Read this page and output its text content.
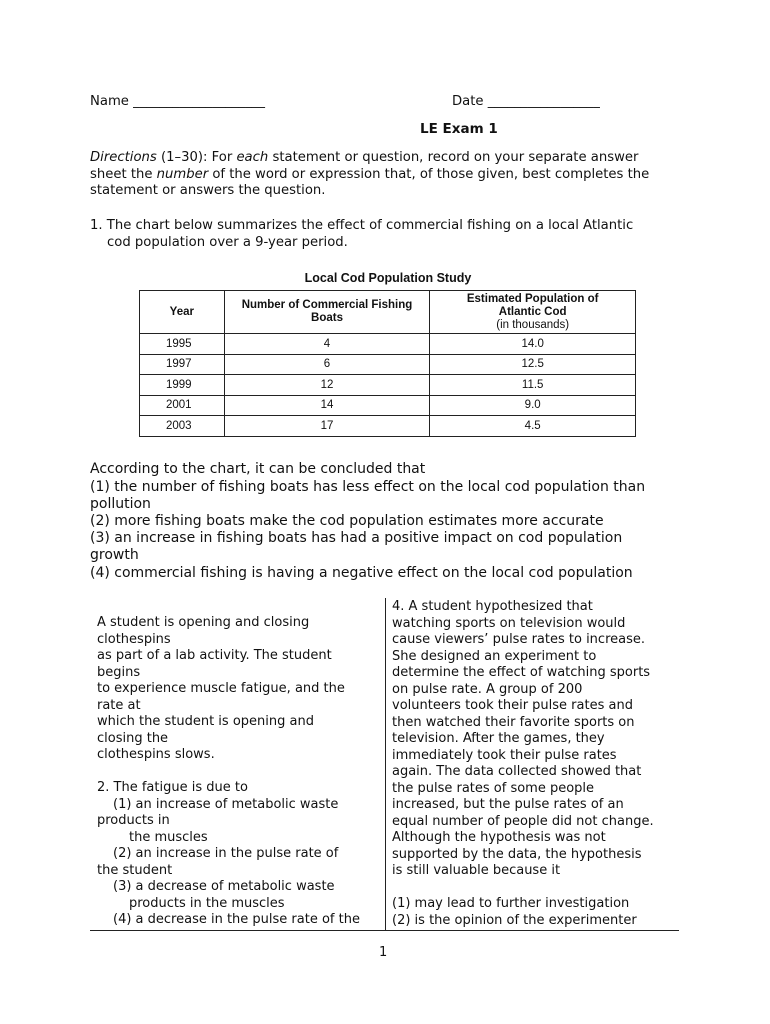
Name ____________________	Date _________________
LE Exam 1
Directions (1–30): For each statement or question, record on your separate answer
sheet the number of the word or expression that, of those given, best completes the
statement or answers the question.
1. The chart below summarizes the effect of commercial fishing on a local Atlantic
cod population over a 9-year period.
Local Cod Population Study
Year	Number of Commercial Fishing Boats	Estimated Population of Atlantic Cod
(in thousands)

1995	4	14.0
1997	6	12.5
1999	12	11.5
2001	14	9.0
2003	17	4.5
According to the chart, it can be concluded that
(1) the number of fishing boats has less effect on the local cod population than
pollution
(2) more fishing boats make the cod population estimates more accurate
(3) an increase in fishing boats has had a positive impact on cod population
growth
(4) commercial fishing is having a negative effect on the local cod population
A student is opening and closing
clothespins
as part of a lab activity. The student
begins
to experience muscle fatigue, and the
rate at
which the student is opening and
closing the
clothespins slows.
2. The fatigue is due to
(1) an increase of metabolic waste
products in
the muscles
(2) an increase in the pulse rate of
the student
(3) a decrease of metabolic waste
products in the muscles
(4) a decrease in the pulse rate of the
4. A student hypothesized that
watching sports on television would
cause viewers’ pulse rates to increase.
She designed an experiment to
determine the effect of watching sports
on pulse rate. A group of 200
volunteers took their pulse rates and
then watched their favorite sports on
television. After the games, they
immediately took their pulse rates
again. The data collected showed that
the pulse rates of some people
increased, but the pulse rates of an
equal number of people did not change.
Although the hypothesis was not
supported by the data, the hypothesis
is still valuable because it
(1) may lead to further investigation
(2) is the opinion of the experimenter
1
